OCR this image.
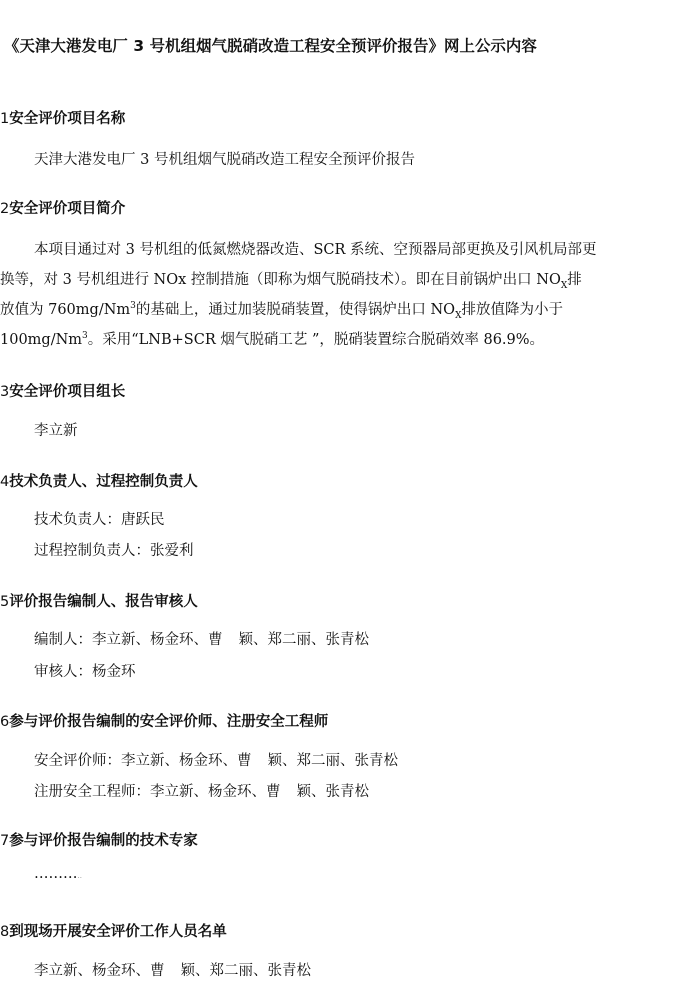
《天津大港发电厂 3 号机组烟气脱硝改造工程安全预评价报告》网上公示内容
1安全评价项目名称
天津大港发电厂 3 号机组烟气脱硝改造工程安全预评价报告
2安全评价项目简介
本项目通过对 3 号机组的低氮燃烧器改造、SCR 系统、空预器局部更换及引风机局部更
换等，对 3 号机组进行 NOx 控制措施（即称为烟气脱硝技术）。即在目前锅炉出口 $NO_X$排
放值为 760mg/Nm$^3$的基础上，通过加装脱硝装置，使得锅炉出口 $NO_X$排放值降为小于
100mg/Nm$^3$。采用“LNB+SCR 烟气脱硝工艺 ”，脱硝装置综合脱硝效率 86.9%。
3安全评价项目组长
李立新
4技术负责人、过程控制负责人
技术负责人：唐跃民
过程控制负责人：张爱利
5评价报告编制人、报告审核人
编制人：李立新、杨金环、曹 颖、郑二丽、张青松
审核人：杨金环
6参与评价报告编制的安全评价师、注册安全工程师
安全评价师：李立新、杨金环、曹 颖、郑二丽、张青松
注册安全工程师：李立新、杨金环、曹 颖、张青松
7参与评价报告编制的技术专家
………..
8到现场开展安全评价工作人员名单
李立新、杨金环、曹 颖、郑二丽、张青松
